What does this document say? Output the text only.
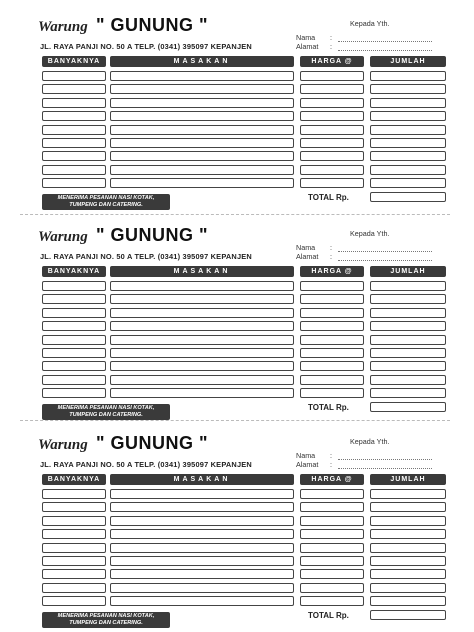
Warung " GUNUNG "
JL. RAYA PANJI NO. 50 A TELP. (0341) 395097 KEPANJEN
Kepada Yth.
Nama :
Alamat :
BANYAKNYA	MASAKAN	HARGA @	JUMLAH
MENERIMA PESANAN NASI KOTAK,
TUMPENG DAN CATERING.
TOTAL Rp.
Warung " GUNUNG "
JL. RAYA PANJI NO. 50 A TELP. (0341) 395097 KEPANJEN
Kepada Yth.
Nama :
Alamat :
BANYAKNYA	MASAKAN	HARGA @	JUMLAH
MENERIMA PESANAN NASI KOTAK,
TUMPENG DAN CATERING.
TOTAL Rp.
Warung " GUNUNG "
JL. RAYA PANJI NO. 50 A TELP. (0341) 395097 KEPANJEN
Kepada Yth.
Nama :
Alamat :
BANYAKNYA	MASAKAN	HARGA @	JUMLAH
MENERIMA PESANAN NASI KOTAK,
TUMPENG DAN CATERING.
TOTAL Rp.
